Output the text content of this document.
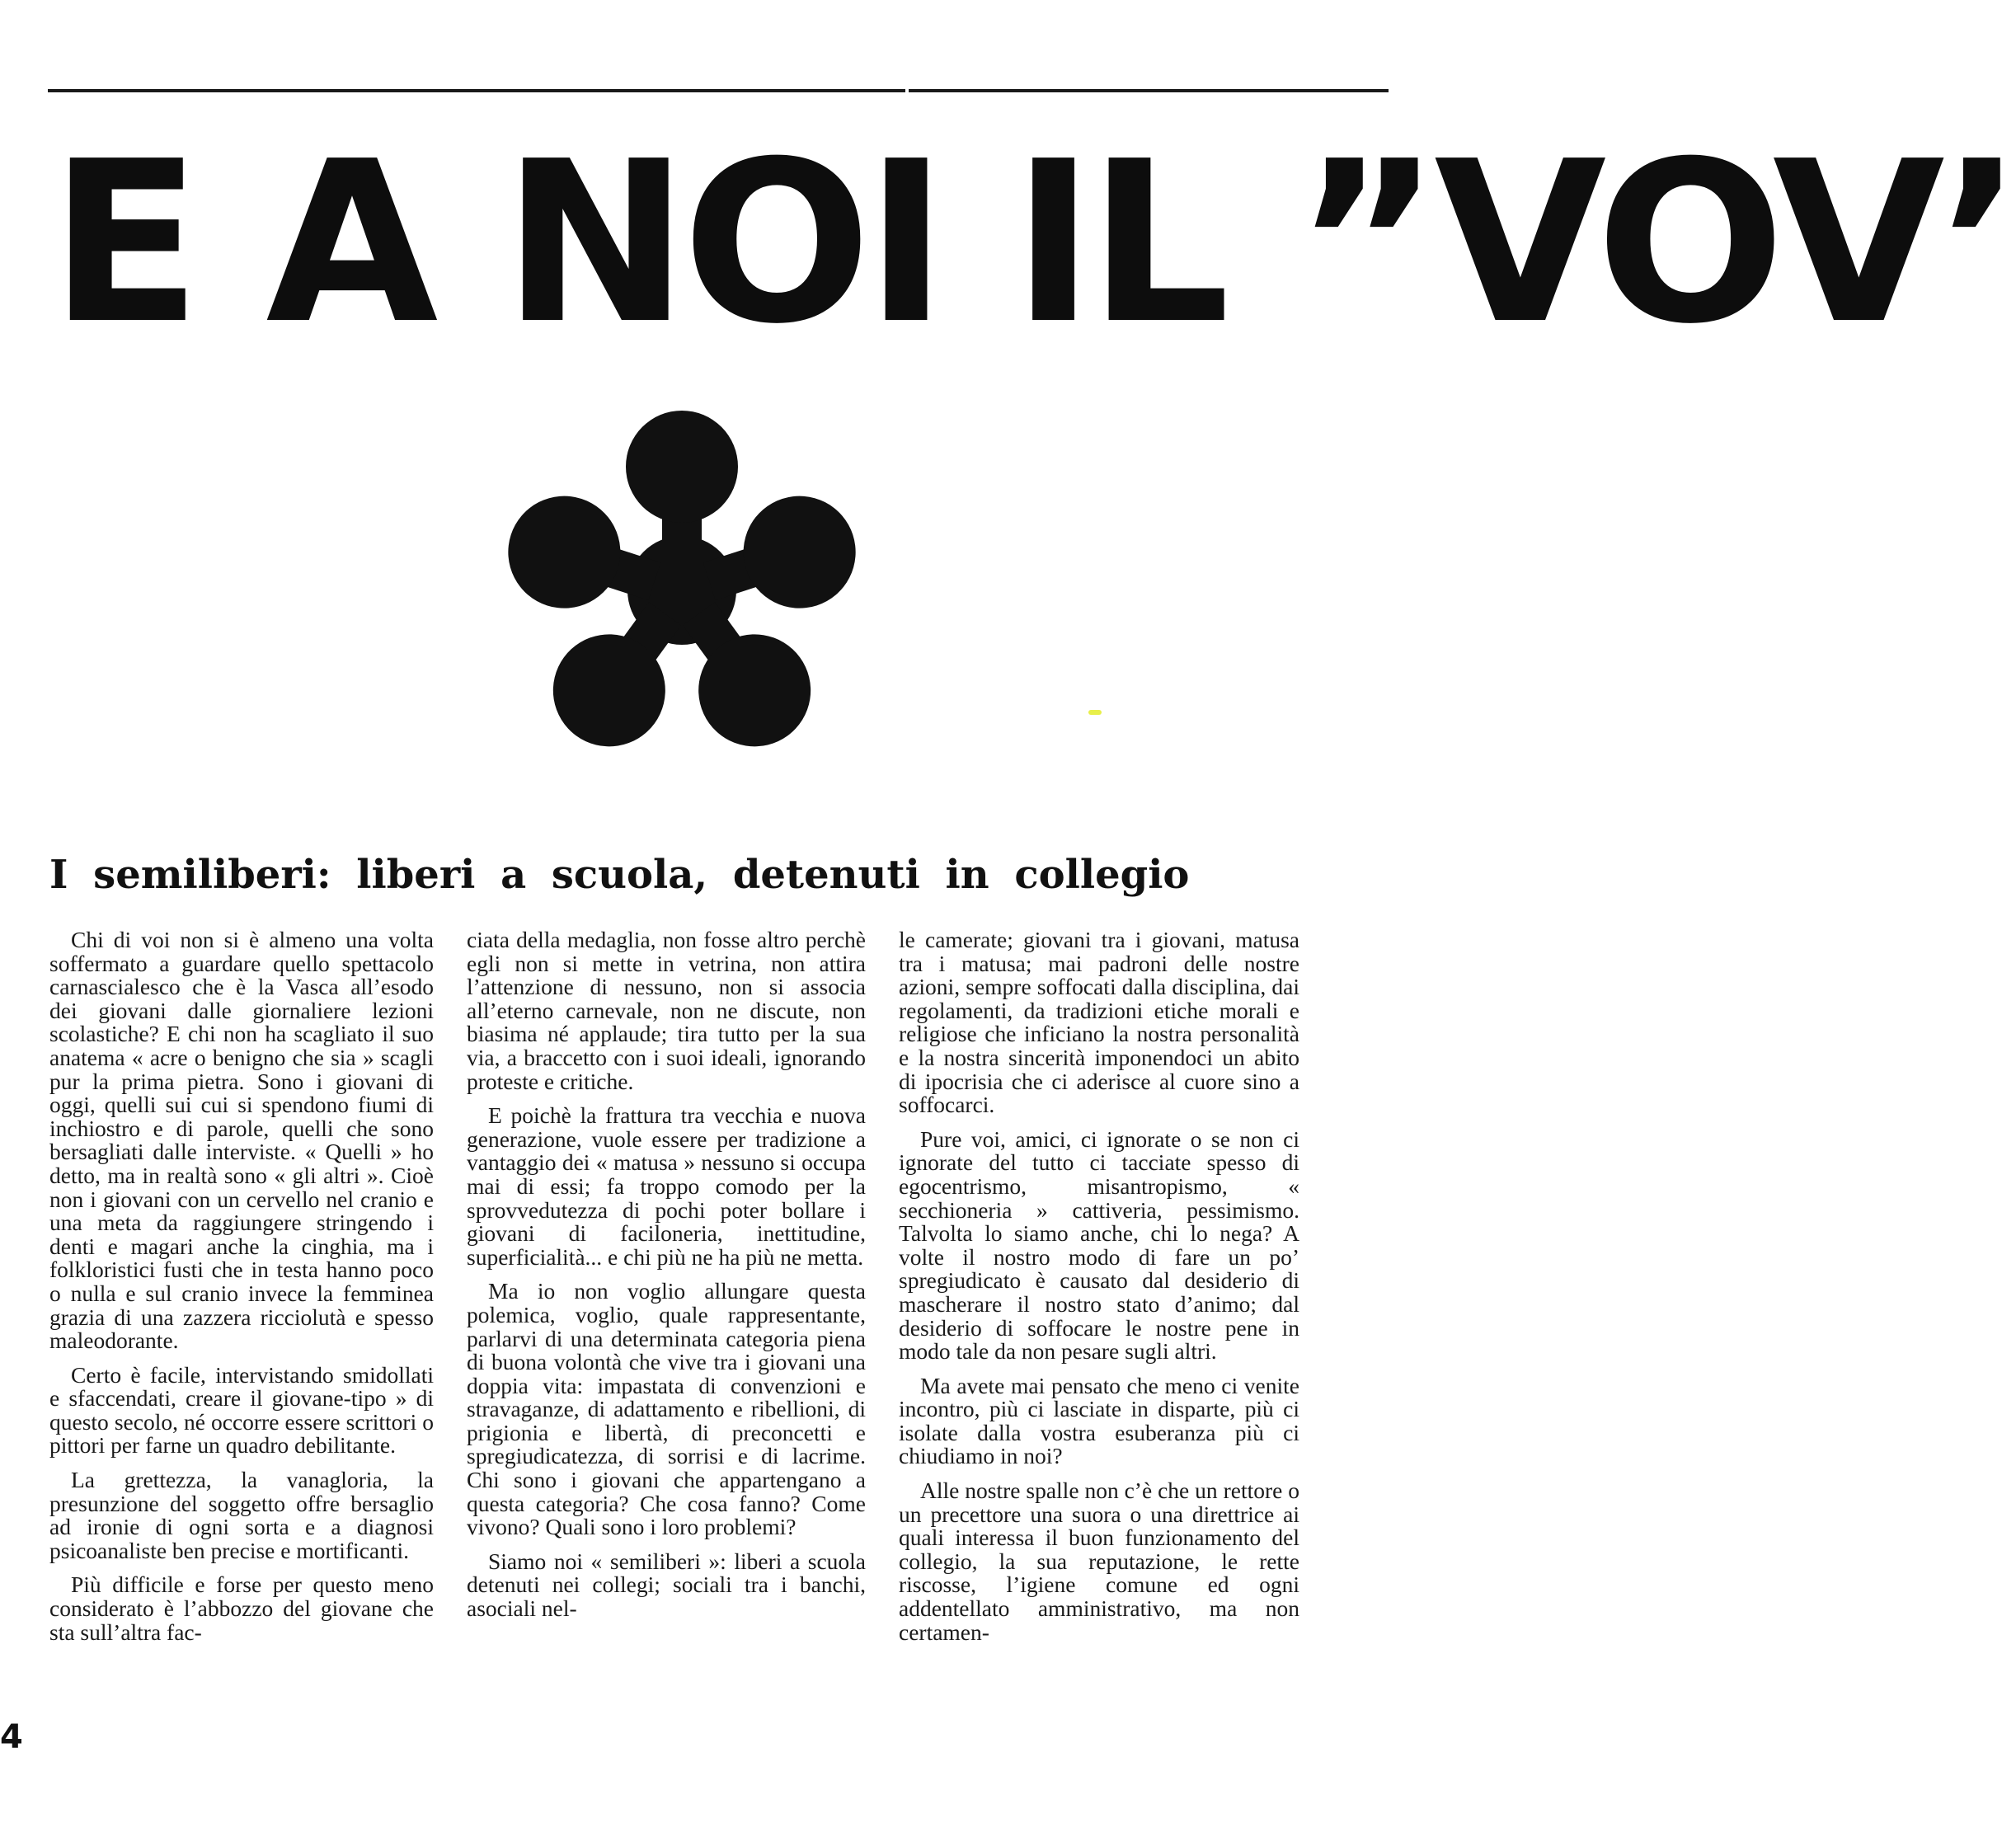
E A NOI IL ”VOV’
I semiliberi: liberi a scuola, detenuti in collegio

Chi di voi non si è almeno una volta soffermato a guardare quello spettacolo carnascialesco che è la Vasca all’esodo dei giovani dalle giornaliere lezioni scolastiche? E chi non ha scagliato il suo anatema « acre o benigno che sia » scagli pur la prima pietra. Sono i giovani di oggi, quelli sui cui si spendono fiumi di inchiostro e di parole, quelli che sono bersagliati dalle interviste. « Quelli » ho detto, ma in realtà sono « gli altri ». Cioè non i giovani con un cervello nel cranio e una meta da raggiungere stringendo i denti e magari anche la cinghia, ma i folkloristici fusti che in testa hanno poco o nulla e sul cranio invece la femminea grazia di una zazzera ricciolutà e spesso maleodorante.

Certo è facile, intervistando smidollati e sfaccendati, creare il giovane-tipo » di questo secolo, né occorre essere scrittori o pittori per farne un quadro debilitante.

La grettezza, la vanagloria, la presunzione del soggetto offre bersaglio ad ironie di ogni sorta e a diagnosi psicoanaliste ben precise e mortificanti.

Più difficile e forse per questo meno considerato è l’abbozzo del giovane che sta sull’altra fac-

ciata della medaglia, non fosse altro perchè egli non si mette in vetrina, non attira l’attenzione di nessuno, non si associa all’eterno carnevale, non ne discute, non biasima né applaude; tira tutto per la sua via, a braccetto con i suoi ideali, ignorando proteste e critiche.

E poichè la frattura tra vecchia e nuova generazione, vuole essere per tradizione a vantaggio dei « matusa » nessuno si occupa mai di essi; fa troppo comodo per la sprovvedutezza di pochi poter bollare i giovani di faciloneria, inettitudine, superficialità... e chi più ne ha più ne metta.

Ma io non voglio allungare questa polemica, voglio, quale rappresentante, parlarvi di una determinata categoria piena di buona volontà che vive tra i giovani una doppia vita: impastata di convenzioni e stravaganze, di adattamento e ribellioni, di prigionia e libertà, di preconcetti e spregiudicatezza, di sorrisi e di lacrime. Chi sono i giovani che appartengano a questa categoria? Che cosa fanno? Come vivono? Quali sono i loro problemi?

Siamo noi « semiliberi »: liberi a scuola detenuti nei collegi; sociali tra i banchi, asociali nel-

le camerate; giovani tra i giovani, matusa tra i matusa; mai padroni delle nostre azioni, sempre soffocati dalla disciplina, dai regolamenti, da tradizioni etiche morali e religiose che inficiano la nostra personalità e la nostra sincerità imponendoci un abito di ipocrisia che ci aderisce al cuore sino a soffocarci.

Pure voi, amici, ci ignorate o se non ci ignorate del tutto ci tacciate spesso di egocentrismo, misantropismo, « secchioneria » cattiveria, pessimismo. Talvolta lo siamo anche, chi lo nega? A volte il nostro modo di fare un po’ spregiudicato è causato dal desiderio di mascherare il nostro stato d’animo; dal desiderio di soffocare le nostre pene in modo tale da non pesare sugli altri.

Ma avete mai pensato che meno ci venite incontro, più ci lasciate in disparte, più ci isolate dalla vostra esuberanza più ci chiudiamo in noi?

Alle nostre spalle non c’è che un rettore o un precettore una suora o una direttrice ai quali interessa il buon funzionamento del collegio, la sua reputazione, le rette riscosse, l’igiene comune ed ogni addentellato amministrativo, ma non certamen-

4
